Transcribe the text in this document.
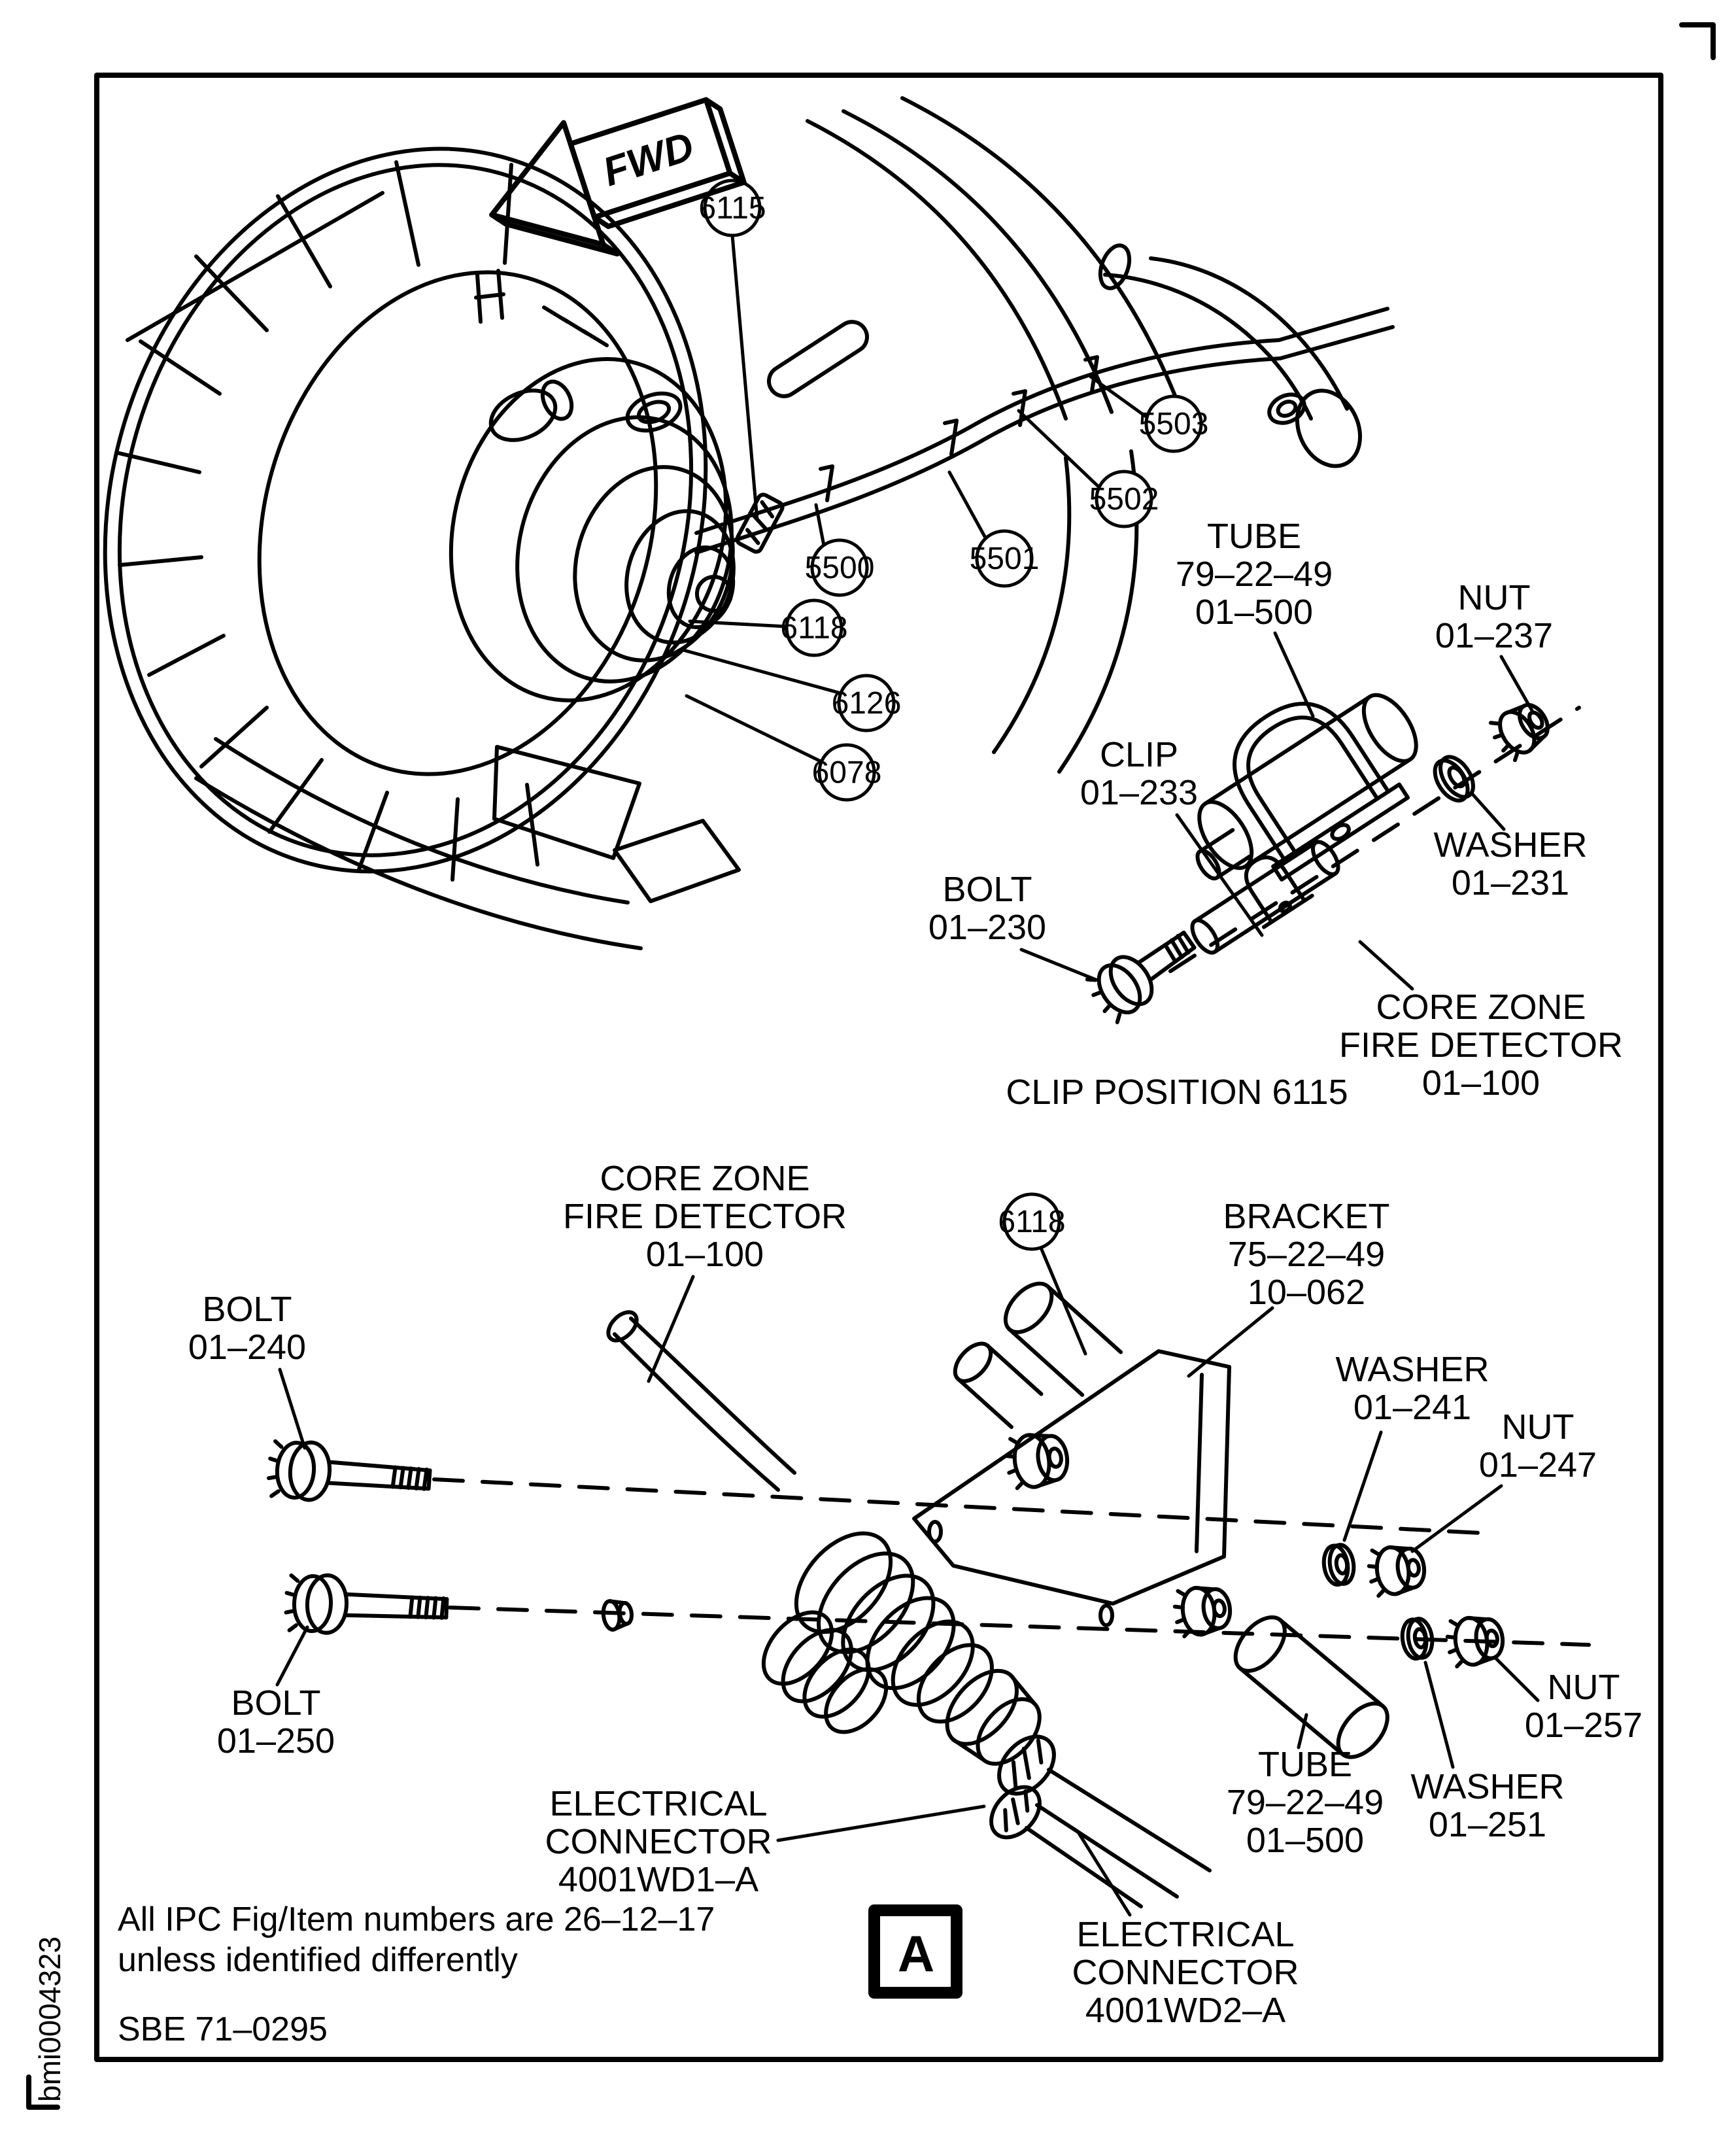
6115
5503
5502
5501
5500
6118
6126
6078
6118
TUBE
79–22–49
01–500	NUT
01–237
CLIP
01–233
WASHER
01–231
BOLT
01–230
CORE ZONE
FIRE DETECTOR
01–100
CLIP POSITION 6115
CORE ZONE
FIRE DETECTOR
01–100
BRACKET
75–22–49
10–062
BOLT
01–240
WASHER
01–241 NUT
01–247
BOLT
01–250
NUT
01–257
WASHER
01–251
TUBE
79–22–49
01–500
ELECTRICAL
CONNECTOR
4001WD1–A
ELECTRICAL
CONNECTOR
4001WD2–A
FWD
A
All IPC Fig/Item numbers are 26–12–17
unless identified differently
SBE 71–0295
bmi0004323
